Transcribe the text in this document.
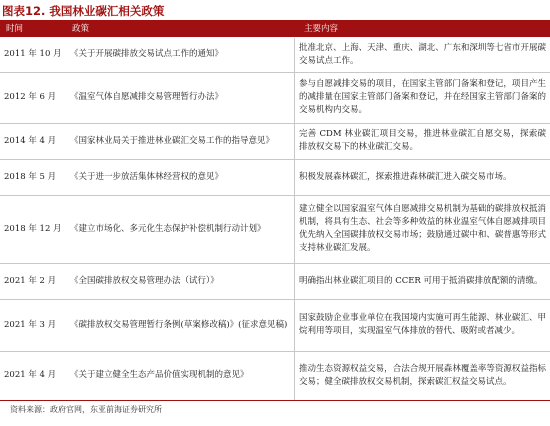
图表12. 我国林业碳汇相关政策
时间	政策	主要内容
2011 年 10 月	《关于开展碳排放交易试点工作的通知》	批准北京、上海、天津、重庆、湖北、广东和深圳等七省市开展碳交易试点工作。
2012 年 6 月	《温室气体自愿减排交易管理暂行办法》	参与自愿减排交易的项目，在国家主管部门备案和登记，项目产生的减排量在国家主管部门备案和登记，并在经国家主管部门备案的交易机构内交易。
2014 年 4 月	《国家林业局关于推进林业碳汇交易工作的指导意见》	完善 CDM 林业碳汇项目交易，推进林业碳汇自愿交易，探索碳排放权交易下的林业碳汇交易。
2018 年 5 月	《关于进一步放活集体林经营权的意见》	积极发展森林碳汇，探索推进森林碳汇进入碳交易市场。
2018 年 12 月	《建立市场化、多元化生态保护补偿机制行动计划》	建立健全以国家温室气体自愿减排交易机制为基础的碳排放权抵消机制，将具有生态、社会等多种效益的林业温室气体自愿减排项目优先纳入全国碳排放权交易市场；鼓励通过碳中和、碳普惠等形式支持林业碳汇发展。
2021 年 2 月	《全国碳排放权交易管理办法（试行）》	明确指出林业碳汇项目的 CCER 可用于抵消碳排放配额的清缴。
2021 年 3 月	《碳排放权交易管理暂行条例(草案修改稿)》(征求意见稿)	国家鼓励企业事业单位在我国境内实施可再生能源、林业碳汇、甲烷利用等项目，实现温室气体排放的替代、吸附或者减少。
2021 年 4 月	《关于建立健全生态产品价值实现机制的意见》	推动生态资源权益交易，合法合规开展森林覆盖率等资源权益指标交易；健全碳排放权交易机制，探索碳汇权益交易试点。
资料来源：政府官网，东亚前海证券研究所
